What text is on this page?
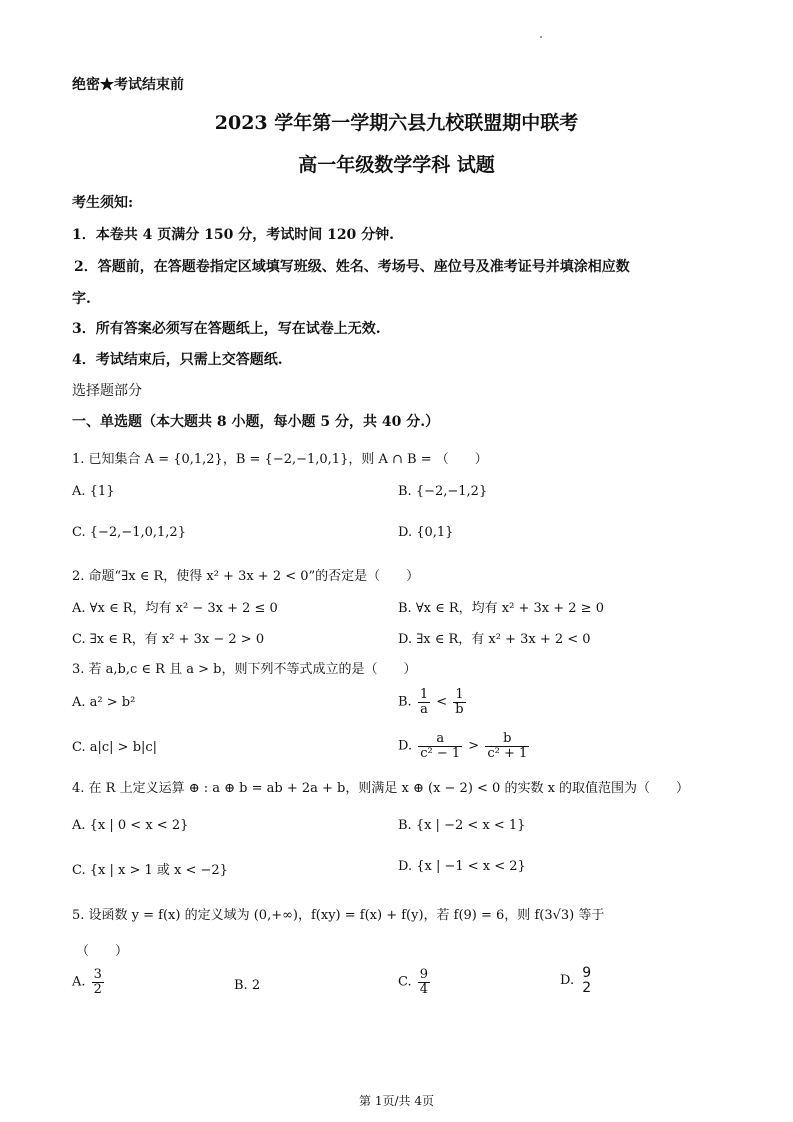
绝密★考试结束前
2023 学年第一学期六县九校联盟期中联考
高一年级数学学科 试题
考生须知:
1．本卷共 4 页满分 150 分，考试时间 120 分钟.
2．答题前，在答题卷指定区域填写班级、姓名、考场号、座位号及准考证号并填涂相应数
字.
3．所有答案必须写在答题纸上，写在试卷上无效.
4．考试结束后，只需上交答题纸.
选择题部分
一、单选题（本大题共 8 小题，每小题 5 分，共 40 分.）
1. 已知集合 A = {0,1,2}，B = {−2,−1,0,1}，则 A ∩ B = （　　）
A. {1}	B. {−2,−1,2}
C. {−2,−1,0,1,2}	D. {0,1}
2. 命题“∃x ∈ R，使得 x² + 3x + 2 < 0”的否定是（　　）
A. ∀x ∈ R，均有 x² − 3x + 2 ≤ 0	B. ∀x ∈ R，均有 x² + 3x + 2 ≥ 0
C. ∃x ∈ R，有 x² + 3x − 2 > 0	D. ∃x ∈ R，有 x² + 3x + 2 < 0
3. 若 a,b,c ∈ R 且 a > b，则下列不等式成立的是（　　）
A. a² > b²	B. $\frac{1}{a} < \frac{1}{b}$
C. a|c| > b|c|	D. $\frac{a}{\text{c² − 1}} > \frac{b}{\text{c² + 1}}$
4. 在 R 上定义运算 ⊕ : a ⊕ b = ab + 2a + b，则满足 x ⊕ (x − 2) < 0 的实数 x 的取值范围为（　　）
A. {x | 0 < x < 2}	B. {x | −2 < x < 1}
C. {x | x > 1 或 x < −2}	D. {x | −1 < x < 2}
5. 设函数 y = f(x) 的定义域为 (0,+∞)，f(xy) = f(x) + f(y)，若 f(9) = 6，则 f(3√3) 等于
（　　）
A. $\frac{3}{2}$	B. 2	C. $\frac{9}{4}$	D. 9
2
第 1页/共 4页
